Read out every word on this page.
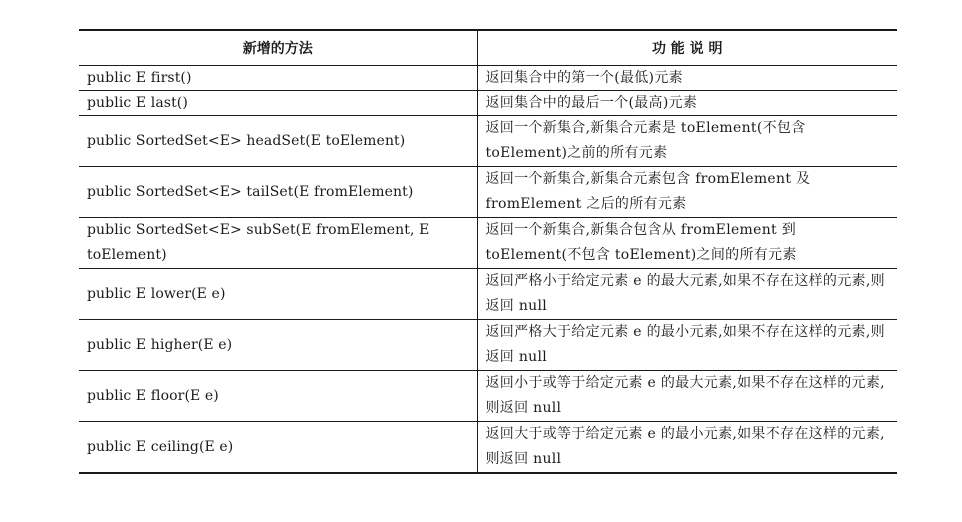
新增的方法	功 能 说 明
public E first()	返回集合中的第一个(最低)元素
public E last()	返回集合中的最后一个(最高)元素
public SortedSet<E> headSet(E toElement)	返回一个新集合,新集合元素是 toElement(不包含 toElement)之前的所有元素
public SortedSet<E> tailSet(E fromElement)	返回一个新集合,新集合元素包含 fromElement 及 fromElement 之后的所有元素
public SortedSet<E> subSet(E fromElement, E toElement)	返回一个新集合,新集合包含从 fromElement 到 toElement(不包含 toElement)之间的所有元素
public E lower(E e)	返回严格小于给定元素 e 的最大元素,如果不存在这样的元素,则返回 null
public E higher(E e)	返回严格大于给定元素 e 的最小元素,如果不存在这样的元素,则返回 null
public E floor(E e)	返回小于或等于给定元素 e 的最大元素,如果不存在这样的元素,则返回 null
public E ceiling(E e)	返回大于或等于给定元素 e 的最小元素,如果不存在这样的元素,则返回 null
